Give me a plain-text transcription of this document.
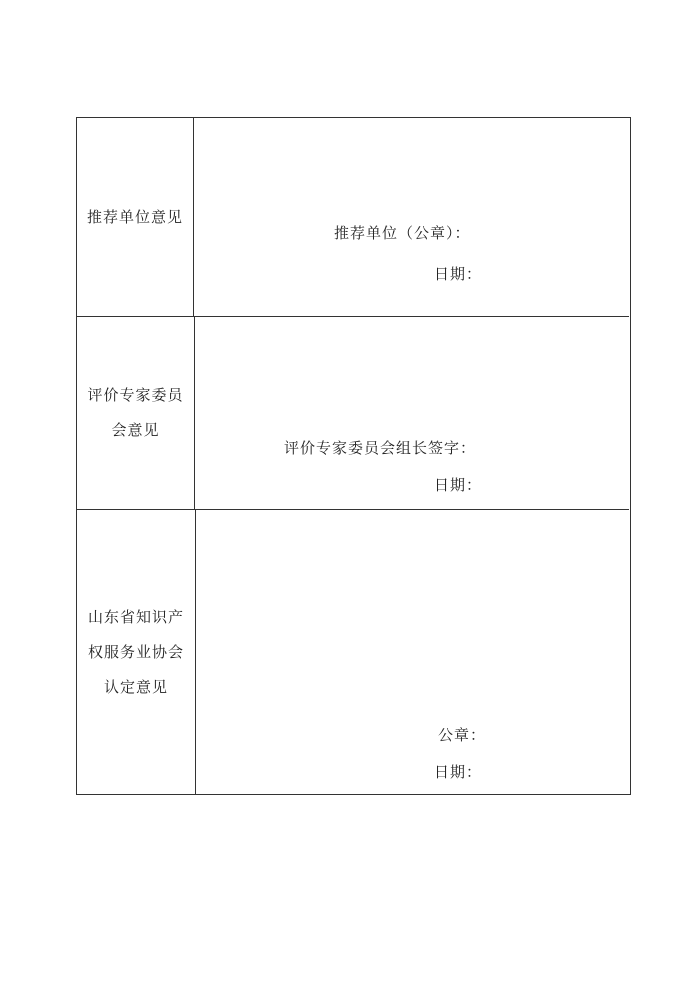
推荐单位意见
推荐单位（公章）：
日期：
评价专家委员
会意见
评价专家委员会组长签字：
日期：
山东省知识产
权服务业协会
认定意见
公章：
日期：
